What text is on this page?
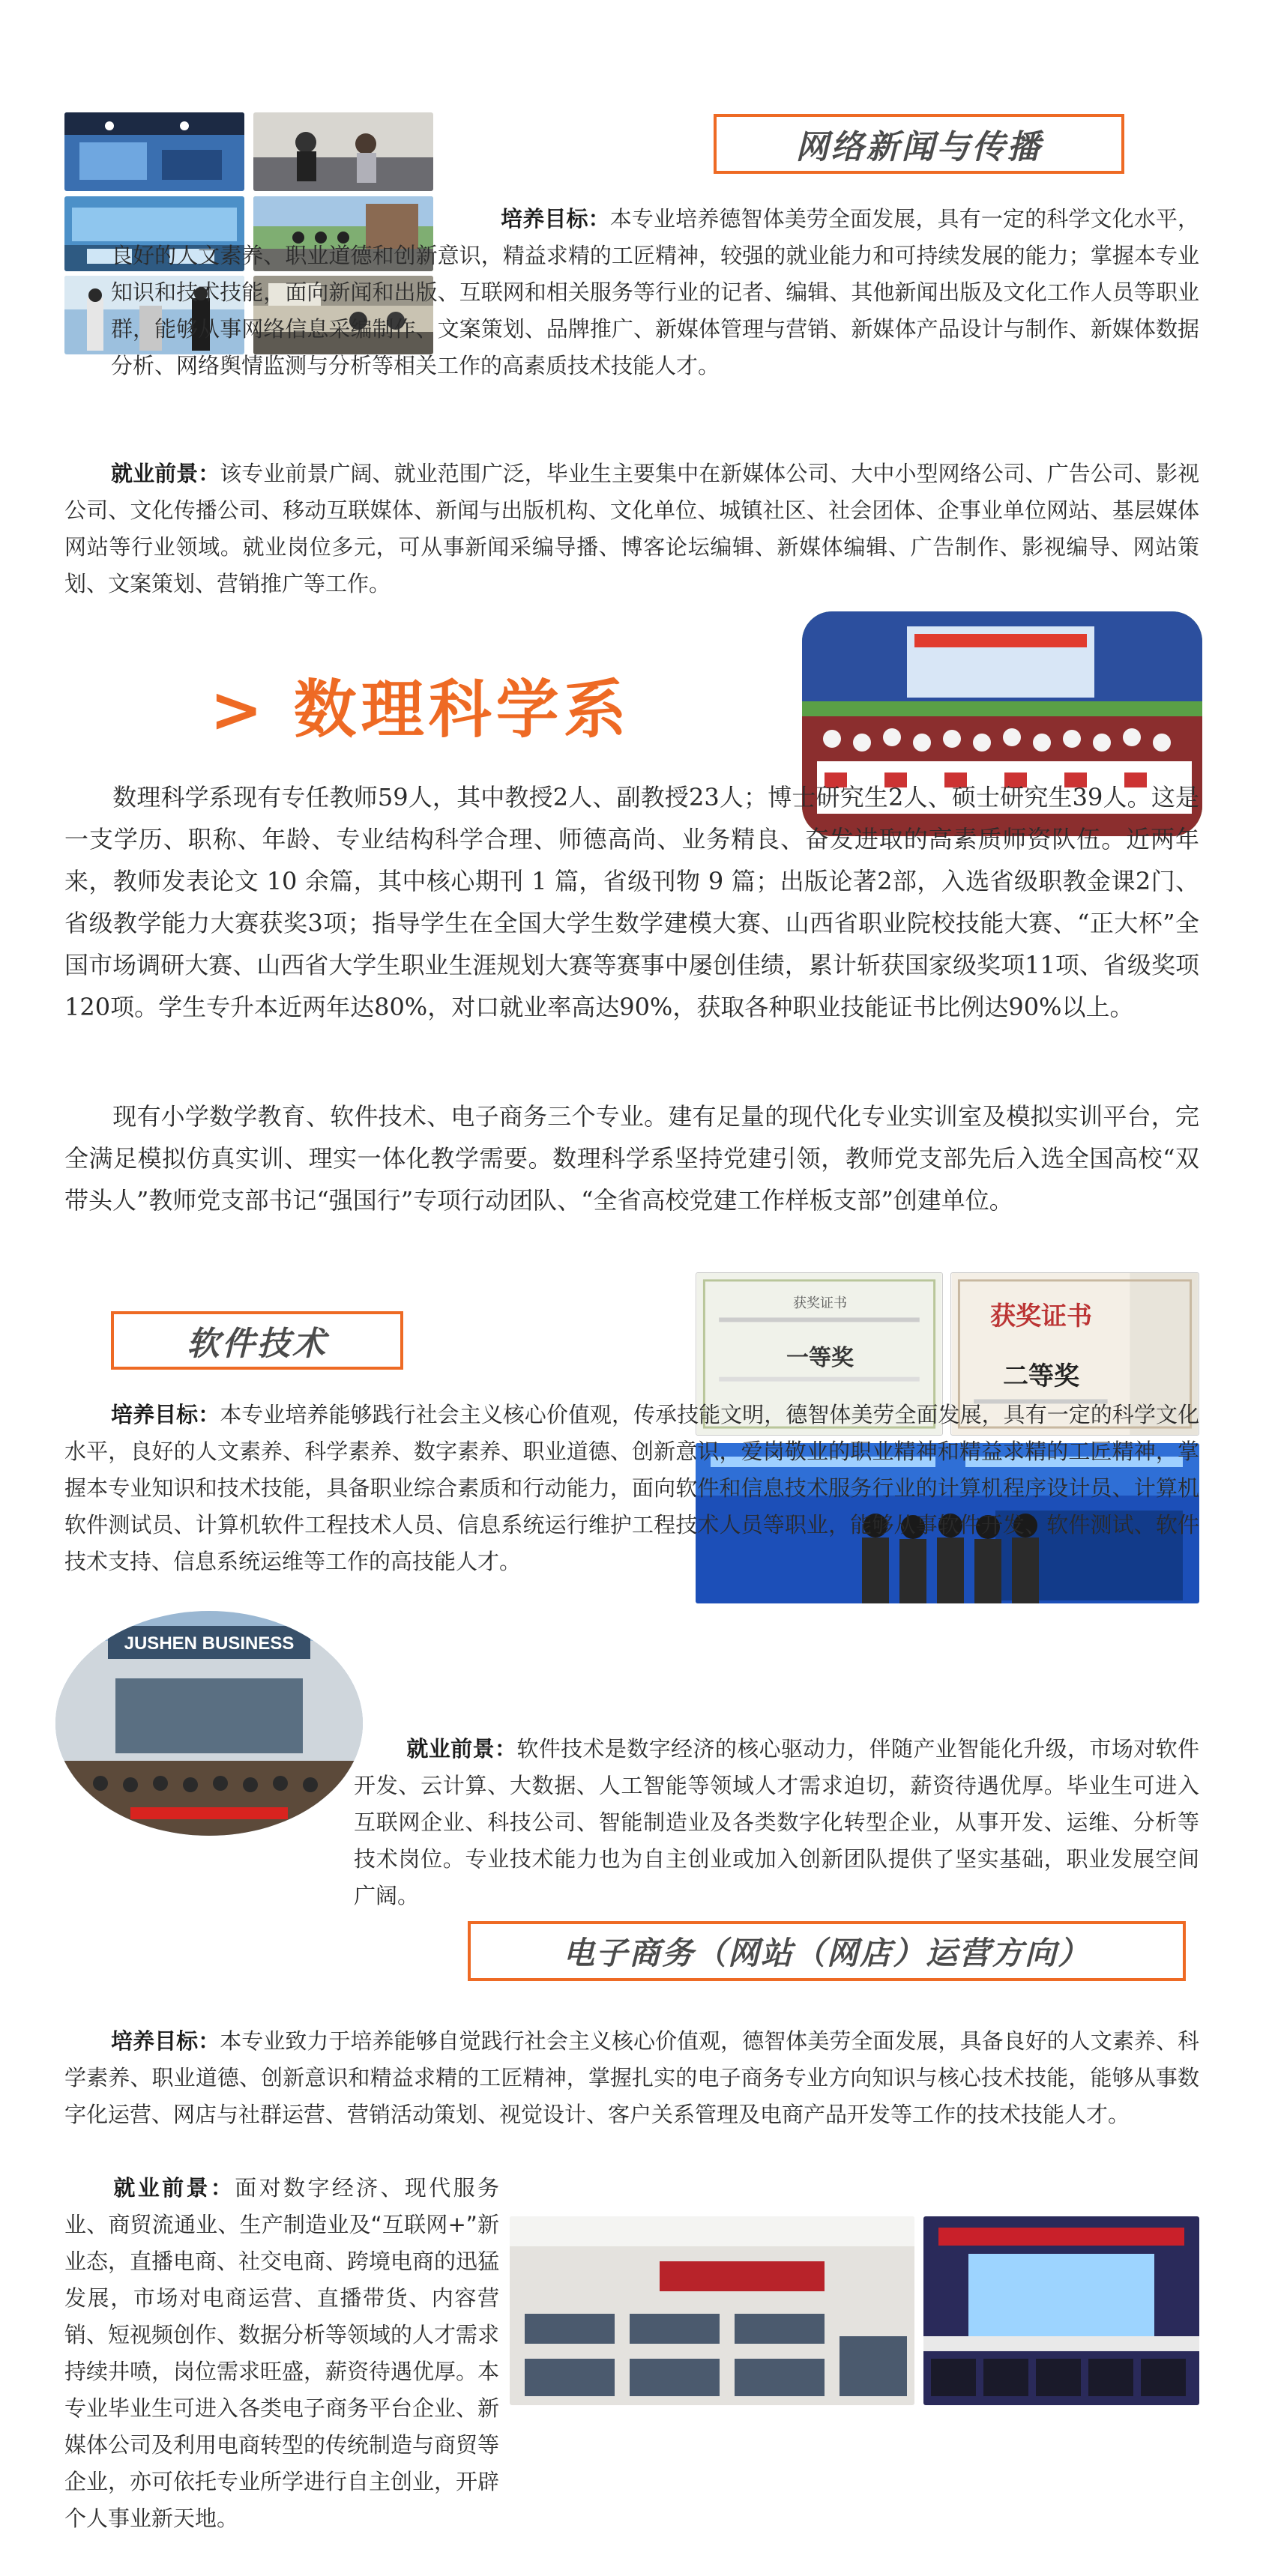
网络新闻与传播
培养目标：本专业培养德智体美劳全面发展，具有一定的科学文化水平，良好的人文素养、职业道德和创新意识，精益求精的工匠精神，较强的就业能力和可持续发展的能力；掌握本专业知识和技术技能，面向新闻和出版、互联网和相关服务等行业的记者、编辑、其他新闻出版及文化工作人员等职业群，能够从事网络信息采编制作、文案策划、品牌推广、新媒体管理与营销、新媒体产品设计与制作、新媒体数据分析、网络舆情监测与分析等相关工作的高素质技术技能人才。
就业前景：该专业前景广阔、就业范围广泛，毕业生主要集中在新媒体公司、大中小型网络公司、广告公司、影视公司、文化传播公司、移动互联媒体、新闻与出版机构、文化单位、城镇社区、社会团体、企事业单位网站、基层媒体网站等行业领域。就业岗位多元，可从事新闻采编导播、博客论坛编辑、新媒体编辑、广告制作、影视编导、网站策划、文案策划、营销推广等工作。
> 数理科学系
数理科学系现有专任教师59人，其中教授2人、副教授23人；博士研究生2人、硕士研究生39人。这是一支学历、职称、年龄、专业结构科学合理、师德高尚、业务精良、奋发进取的高素质师资队伍。近两年来，教师发表论文 10 余篇，其中核心期刊 1 篇，省级刊物 9 篇；出版论著2部，入选省级职教金课2门、省级教学能力大赛获奖3项；指导学生在全国大学生数学建模大赛、山西省职业院校技能大赛、“正大杯”全国市场调研大赛、山西省大学生职业生涯规划大赛等赛事中屡创佳绩，累计斩获国家级奖项11项、省级奖项120项。学生专升本近两年达80%，对口就业率高达90%，获取各种职业技能证书比例达90%以上。
现有小学数学教育、软件技术、电子商务三个专业。建有足量的现代化专业实训室及模拟实训平台，完全满足模拟仿真实训、理实一体化教学需要。数理科学系坚持党建引领，教师党支部先后入选全国高校“双带头人”教师党支部书记“强国行”专项行动团队、“全省高校党建工作样板支部”创建单位。
软件技术
获奖证书
一等奖
获奖证书
二等奖
培养目标：本专业培养能够践行社会主义核心价值观，传承技能文明，德智体美劳全面发展，具有一定的科学文化水平，良好的人文素养、科学素养、数字素养、职业道德、创新意识，爱岗敬业的职业精神和精益求精的工匠精神，掌握本专业知识和技术技能，具备职业综合素质和行动能力，面向软件和信息技术服务行业的计算机程序设计员、计算机软件测试员、计算机软件工程技术人员、信息系统运行维护工程技术人员等职业，能够从事软件开发、软件测试、软件技术支持、信息系统运维等工作的高技能人才。
JUSHEN BUSINESS
就业前景：软件技术是数字经济的核心驱动力，伴随产业智能化升级，市场对软件开发、云计算、大数据、人工智能等领域人才需求迫切，薪资待遇优厚。毕业生可进入互联网企业、科技公司、智能制造业及各类数字化转型企业，从事开发、运维、分析等技术岗位。专业技术能力也为自主创业或加入创新团队提供了坚实基础，职业发展空间广阔。
电子商务（网站（网店）运营方向）
培养目标：本专业致力于培养能够自觉践行社会主义核心价值观，德智体美劳全面发展，具备良好的人文素养、科学素养、职业道德、创新意识和精益求精的工匠精神，掌握扎实的电子商务专业方向知识与核心技术技能，能够从事数字化运营、网店与社群运营、营销活动策划、视觉设计、客户关系管理及电商产品开发等工作的技术技能人才。
就业前景：面对数字经济、现代服务业、商贸流通业、生产制造业及“互联网+”新业态，直播电商、社交电商、跨境电商的迅猛发展，市场对电商运营、直播带货、内容营销、短视频创作、数据分析等领域的人才需求持续井喷，岗位需求旺盛，薪资待遇优厚。本专业毕业生可进入各类电子商务平台企业、新媒体公司及利用电商转型的传统制造与商贸等企业，亦可依托专业所学进行自主创业，开辟个人事业新天地。
